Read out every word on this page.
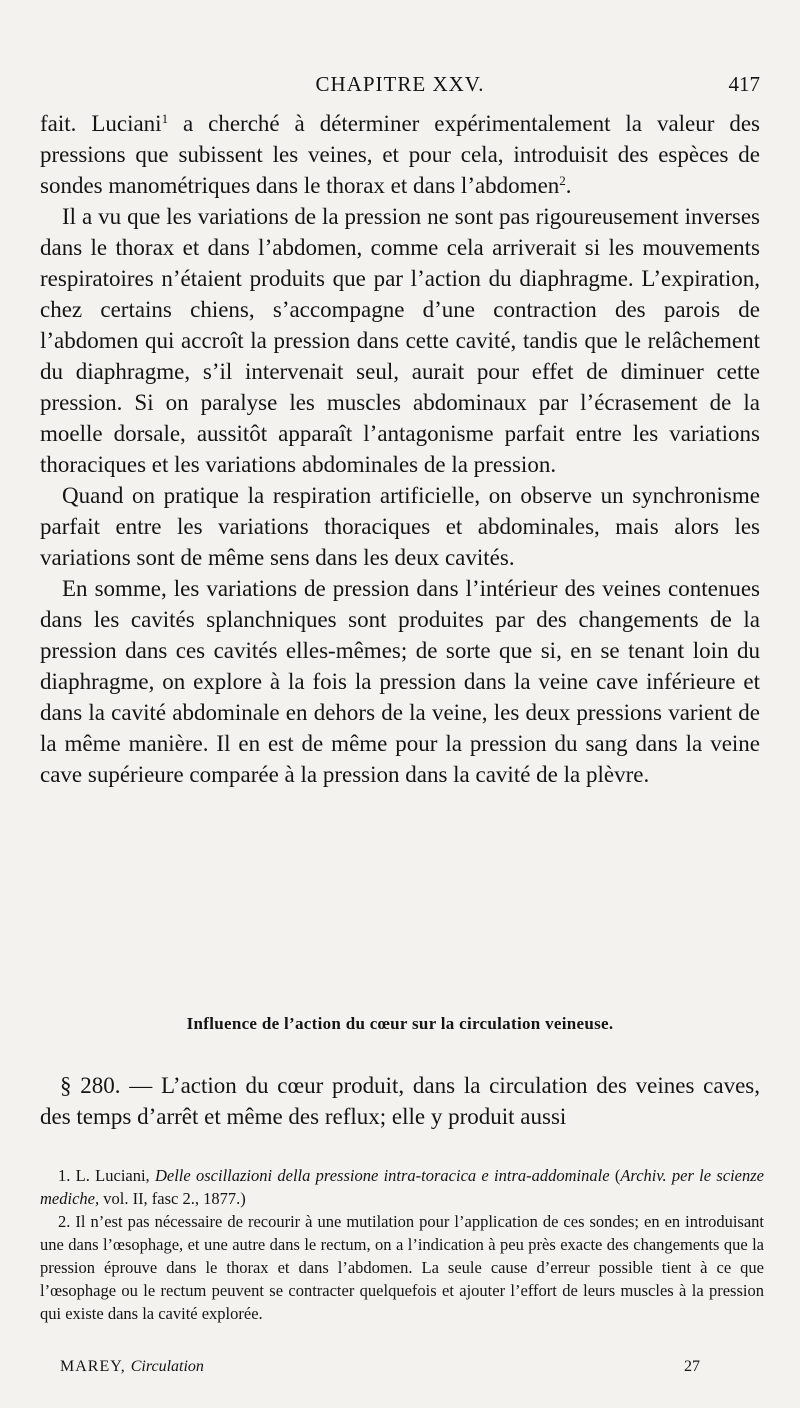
CHAPITRE XXV.	417

fait. Luciani$^1$ a cherché à déterminer expérimentalement la valeur des pressions que subissent les veines, et pour cela, introduisit des espèces de sondes manométriques dans le thorax et dans l’abdomen$^2$.

Il a vu que les variations de la pression ne sont pas rigoureusement inverses dans le thorax et dans l’abdomen, comme cela arriverait si les mouvements respiratoires n’étaient produits que par l’action du diaphragme. L’expiration, chez certains chiens, s’accompagne d’une contraction des parois de l’abdomen qui accroît la pression dans cette cavité, tandis que le relâchement du diaphragme, s’il intervenait seul, aurait pour effet de diminuer cette pression. Si on paralyse les muscles abdominaux par l’écrasement de la moelle dorsale, aussitôt apparaît l’antagonisme parfait entre les variations thoraciques et les variations abdominales de la pression.

Quand on pratique la respiration artificielle, on observe un synchronisme parfait entre les variations thoraciques et abdominales, mais alors les variations sont de même sens dans les deux cavités.

En somme, les variations de pression dans l’intérieur des veines contenues dans les cavités splanchniques sont produites par des changements de la pression dans ces cavités elles-mêmes; de sorte que si, en se tenant loin du diaphragme, on explore à la fois la pression dans la veine cave inférieure et dans la cavité abdominale en dehors de la veine, les deux pressions varient de la même manière. Il en est de même pour la pression du sang dans la veine cave supérieure comparée à la pression dans la cavité de la plèvre.

Influence de l’action du cœur sur la circulation veineuse.

§ 280. — L’action du cœur produit, dans la circulation des veines caves, des temps d’arrêt et même des reflux; elle y produit aussi

1. L. Luciani, Delle oscillazioni della pressione intra-toracica e intra-addominale (Archiv. per le scienze mediche, vol. II, fasc 2., 1877.)

2. Il n’est pas nécessaire de recourir à une mutilation pour l’application de ces sondes; en en introduisant une dans l’œsophage, et une autre dans le rectum, on a l’indication à peu près exacte des changements que la pression éprouve dans le thorax et dans l’abdomen. La seule cause d’erreur possible tient à ce que l’œsophage ou le rectum peuvent se contracter quelquefois et ajouter l’effort de leurs muscles à la pression qui existe dans la cavité explorée.

MAREY, Circulation	27
